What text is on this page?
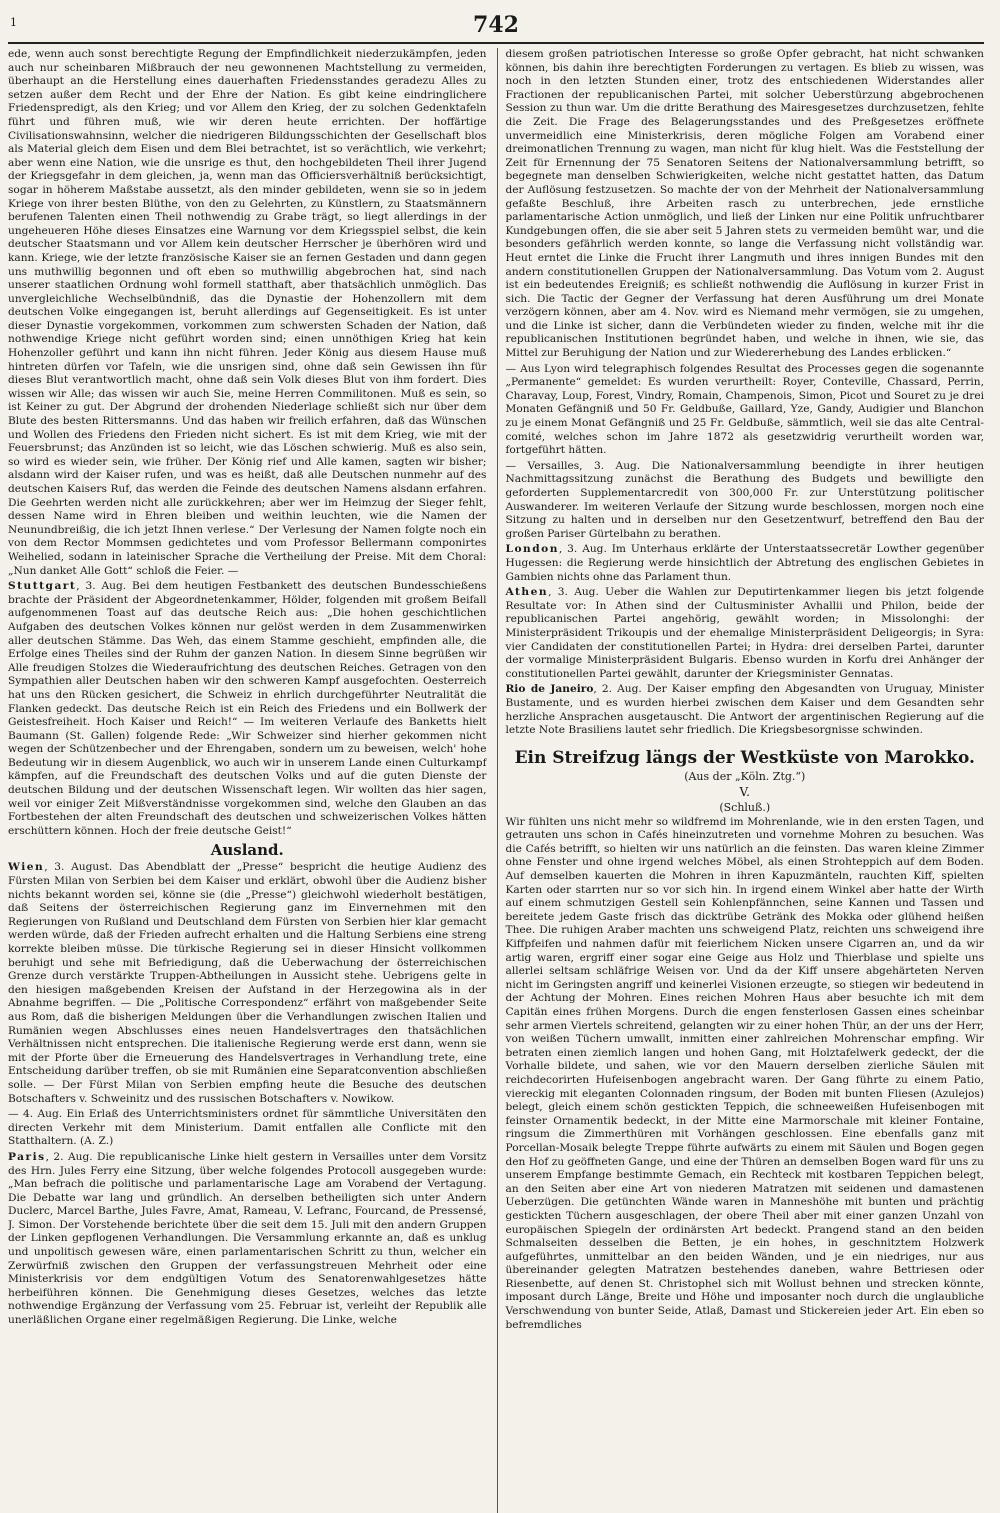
1	742

ede, wenn auch sonst berechtigte Regung der Empfindlichkeit niederzukämpfen, jeden auch nur scheinbaren Mißbrauch der neu gewonnenen Machtstellung zu vermeiden, überhaupt an die Herstellung eines dauerhaften Friedensstandes geradezu Alles zu setzen außer dem Recht und der Ehre der Nation. Es gibt keine eindringlichere Friedenspredigt, als den Krieg; und vor Allem den Krieg, der zu solchen Gedenktafeln führt und führen muß, wie wir deren heute errichten. Der hoffärtige Civilisationswahnsinn, welcher die niedrigeren Bildungsschichten der Gesellschaft blos als Material gleich dem Eisen und dem Blei betrachtet, ist so verächtlich, wie verkehrt; aber wenn eine Nation, wie die unsrige es thut, den hochgebildeten Theil ihrer Jugend der Kriegsgefahr in dem gleichen, ja, wenn man das Officiersverhältniß berücksichtigt, sogar in höherem Maßstabe aussetzt, als den minder gebildeten, wenn sie so in jedem Kriege von ihrer besten Blüthe, von den zu Gelehrten, zu Künstlern, zu Staatsmännern berufenen Talenten einen Theil nothwendig zu Grabe trägt, so liegt allerdings in der ungeheueren Höhe dieses Einsatzes eine Warnung vor dem Kriegsspiel selbst, die kein deutscher Staatsmann und vor Allem kein deutscher Herrscher je überhören wird und kann. Kriege, wie der letzte französische Kaiser sie an fernen Gestaden und dann gegen uns muthwillig begonnen und oft eben so muthwillig abgebrochen hat, sind nach unserer staatlichen Ordnung wohl formell statthaft, aber thatsächlich unmöglich. Das unvergleichliche Wechselbündniß, das die Dynastie der Hohenzollern mit dem deutschen Volke eingegangen ist, beruht allerdings auf Gegenseitigkeit. Es ist unter dieser Dynastie vorgekommen, vorkommen zum schwersten Schaden der Nation, daß nothwendige Kriege nicht geführt worden sind; einen unnöthigen Krieg hat kein Hohenzoller geführt und kann ihn nicht führen. Jeder König aus diesem Hause muß hintreten dürfen vor Tafeln, wie die unsrigen sind, ohne daß sein Gewissen ihn für dieses Blut verantwortlich macht, ohne daß sein Volk dieses Blut von ihm fordert. Dies wissen wir Alle; das wissen wir auch Sie, meine Herren Commilitonen. Muß es sein, so ist Keiner zu gut. Der Abgrund der drohenden Niederlage schließt sich nur über dem Blute des besten Rittersmanns. Und das haben wir freilich erfahren, daß das Wünschen und Wollen des Friedens den Frieden nicht sichert. Es ist mit dem Krieg, wie mit der Feuersbrunst; das Anzünden ist so leicht, wie das Löschen schwierig. Muß es also sein, so wird es wieder sein, wie früher. Der König rief und Alle kamen, sagten wir bisher; alsdann wird der Kaiser rufen, und was es heißt, daß alle Deutschen nunmehr auf des deutschen Kaisers Ruf, das werden die Feinde des deutschen Namens alsdann erfahren. Die Geehrten werden nicht alle zurückkehren; aber wer im Heimzug der Sieger fehlt, dessen Name wird in Ehren bleiben und weithin leuchten, wie die Namen der Neunundbreißig, die ich jetzt Ihnen verlese.“ Der Verlesung der Namen folgte noch ein von dem Rector Mommsen gedichtetes und vom Professor Bellermann componirtes Weihelied, sodann in lateinischer Sprache die Vertheilung der Preise. Mit dem Choral: „Nun danket Alle Gott“ schloß die Feier. —

Stuttgart, 3. Aug. Bei dem heutigen Festbankett des deutschen Bundesschießens brachte der Präsident der Abgeordnetenkammer, Hölder, folgenden mit großem Beifall aufgenommenen Toast auf das deutsche Reich aus: „Die hohen geschichtlichen Aufgaben des deutschen Volkes können nur gelöst werden in dem Zusammenwirken aller deutschen Stämme. Das Weh, das einem Stamme geschieht, empfinden alle, die Erfolge eines Theiles sind der Ruhm der ganzen Nation. In diesem Sinne begrüßen wir Alle freudigen Stolzes die Wiederaufrichtung des deutschen Reiches. Getragen von den Sympathien aller Deutschen haben wir den schweren Kampf ausgefochten. Oesterreich hat uns den Rücken gesichert, die Schweiz in ehrlich durchgeführter Neutralität die Flanken gedeckt. Das deutsche Reich ist ein Reich des Friedens und ein Bollwerk der Geistesfreiheit. Hoch Kaiser und Reich!“ — Im weiteren Verlaufe des Banketts hielt Baumann (St. Gallen) folgende Rede: „Wir Schweizer sind hierher gekommen nicht wegen der Schützenbecher und der Ehrengaben, sondern um zu beweisen, welch' hohe Bedeutung wir in diesem Augenblick, wo auch wir in unserem Lande einen Culturkampf kämpfen, auf die Freundschaft des deutschen Volks und auf die guten Dienste der deutschen Bildung und der deutschen Wissenschaft legen. Wir wollten das hier sagen, weil vor einiger Zeit Mißverständnisse vorgekommen sind, welche den Glauben an das Fortbestehen der alten Freundschaft des deutschen und schweizerischen Volkes hätten erschüttern können. Hoch der freie deutsche Geist!“

Ausland.

Wien, 3. August. Das Abendblatt der „Presse“ bespricht die heutige Audienz des Fürsten Milan von Serbien bei dem Kaiser und erklärt, obwohl über die Audienz bisher nichts bekannt worden sei, könne sie (die „Presse“) gleichwohl wiederholt bestätigen, daß Seitens der österreichischen Regierung ganz im Einvernehmen mit den Regierungen von Rußland und Deutschland dem Fürsten von Serbien hier klar gemacht werden würde, daß der Frieden aufrecht erhalten und die Haltung Serbiens eine streng korrekte bleiben müsse. Die türkische Regierung sei in dieser Hinsicht vollkommen beruhigt und sehe mit Befriedigung, daß die Ueberwachung der österreichischen Grenze durch verstärkte Truppen-Abtheilungen in Aussicht stehe. Uebrigens gelte in den hiesigen maßgebenden Kreisen der Aufstand in der Herzegowina als in der Abnahme begriffen. — Die „Politische Correspondenz“ erfährt von maßgebender Seite aus Rom, daß die bisherigen Meldungen über die Verhandlungen zwischen Italien und Rumänien wegen Abschlusses eines neuen Handelsvertrages den thatsächlichen Verhältnissen nicht entsprechen. Die italienische Regierung werde erst dann, wenn sie mit der Pforte über die Erneuerung des Handelsvertrages in Verhandlung trete, eine Entscheidung darüber treffen, ob sie mit Rumänien eine Separatconvention abschließen solle. — Der Fürst Milan von Serbien empfing heute die Besuche des deutschen Botschafters v. Schweinitz und des russischen Botschafters v. Nowikow.

— 4. Aug. Ein Erlaß des Unterrichtsministers ordnet für sämmtliche Universitäten den directen Verkehr mit dem Ministerium. Damit entfallen alle Conflicte mit den Statthaltern. (A. Z.)

Paris, 2. Aug. Die republicanische Linke hielt gestern in Versailles unter dem Vorsitz des Hrn. Jules Ferry eine Sitzung, über welche folgendes Protocoll ausgegeben wurde: „Man befrach die politische und parlamentarische Lage am Vorabend der Vertagung. Die Debatte war lang und gründlich. An derselben betheiligten sich unter Andern Duclerc, Marcel Barthe, Jules Favre, Amat, Rameau, V. Lefranc, Fourcand, de Pressensé, J. Simon. Der Vorstehende berichtete über die seit dem 15. Juli mit den andern Gruppen der Linken gepflogenen Verhandlungen. Die Versammlung erkannte an, daß es unklug und unpolitisch gewesen wäre, einen parlamentarischen Schritt zu thun, welcher ein Zerwürfniß zwischen den Gruppen der verfassungstreuen Mehrheit oder eine Ministerkrisis vor dem endgültigen Votum des Senatorenwahlgesetzes hätte herbeiführen können. Die Genehmigung dieses Gesetzes, welches das letzte nothwendige Ergänzung der Verfassung vom 25. Februar ist, verleiht der Republik alle unerläßlichen Organe einer regelmäßigen Regierung. Die Linke, welche

diesem großen patriotischen Interesse so große Opfer gebracht, hat nicht schwanken können, bis dahin ihre berechtigten Forderungen zu vertagen. Es blieb zu wissen, was noch in den letzten Stunden einer, trotz des entschiedenen Widerstandes aller Fractionen der republicanischen Partei, mit solcher Ueberstürzung abgebrochenen Session zu thun war. Um die dritte Berathung des Mairesgesetzes durchzusetzen, fehlte die Zeit. Die Frage des Belagerungsstandes und des Preßgesetzes eröffnete unvermeidlich eine Ministerkrisis, deren mögliche Folgen am Vorabend einer dreimonatlichen Trennung zu wagen, man nicht für klug hielt. Was die Feststellung der Zeit für Ernennung der 75 Senatoren Seitens der Nationalversammlung betrifft, so begegnete man denselben Schwierigkeiten, welche nicht gestattet hatten, das Datum der Auflösung festzusetzen. So machte der von der Mehrheit der Nationalversammlung gefaßte Beschluß, ihre Arbeiten rasch zu unterbrechen, jede ernstliche parlamentarische Action unmöglich, und ließ der Linken nur eine Politik unfruchtbarer Kundgebungen offen, die sie aber seit 5 Jahren stets zu vermeiden bemüht war, und die besonders gefährlich werden konnte, so lange die Verfassung nicht vollständig war. Heut erntet die Linke die Frucht ihrer Langmuth und ihres innigen Bundes mit den andern constitutionellen Gruppen der Nationalversammlung. Das Votum vom 2. August ist ein bedeutendes Ereigniß; es schließt nothwendig die Auflösung in kurzer Frist in sich. Die Tactic der Gegner der Verfassung hat deren Ausführung um drei Monate verzögern können, aber am 4. Nov. wird es Niemand mehr vermögen, sie zu umgehen, und die Linke ist sicher, dann die Verbündeten wieder zu finden, welche mit ihr die republicanischen Institutionen begründet haben, und welche in ihnen, wie sie, das Mittel zur Beruhigung der Nation und zur Wiedererhebung des Landes erblicken.“

— Aus Lyon wird telegraphisch folgendes Resultat des Processes gegen die sogenannte „Permanente“ gemeldet: Es wurden verurtheilt: Royer, Conteville, Chassard, Perrin, Charavay, Loup, Forest, Vindry, Romain, Champenois, Simon, Picot und Souret zu je drei Monaten Gefängniß und 50 Fr. Geldbuße, Gaillard, Yze, Gandy, Audigier und Blanchon zu je einem Monat Gefängniß und 25 Fr. Geldbuße, sämmtlich, weil sie das alte Central-comité, welches schon im Jahre 1872 als gesetzwidrig verurtheilt worden war, fortgeführt hätten.

— Versailles, 3. Aug. Die Nationalversammlung beendigte in ihrer heutigen Nachmittagssitzung zunächst die Berathung des Budgets und bewilligte den geforderten Supplementarcredit von 300,000 Fr. zur Unterstützung politischer Auswanderer. Im weiteren Verlaufe der Sitzung wurde beschlossen, morgen noch eine Sitzung zu halten und in derselben nur den Gesetzentwurf, betreffend den Bau der großen Pariser Gürtelbahn zu berathen.

London, 3. Aug. Im Unterhaus erklärte der Unterstaatssecretär Lowther gegenüber Hugessen: die Regierung werde hinsichtlich der Abtretung des englischen Gebietes in Gambien nichts ohne das Parlament thun.

Athen, 3. Aug. Ueber die Wahlen zur Deputirtenkammer liegen bis jetzt folgende Resultate vor: In Athen sind der Cultusminister Avhallii und Philon, beide der republicanischen Partei angehörig, gewählt worden; in Missolonghi: der Ministerpräsident Trikoupis und der ehemalige Ministerpräsident Deligeorgis; in Syra: vier Candidaten der constitutionellen Partei; in Hydra: drei derselben Partei, darunter der vormalige Ministerpräsident Bulgaris. Ebenso wurden in Korfu drei Anhänger der constitutionellen Partei gewählt, darunter der Kriegsminister Gennatas.

Rio de Janeiro, 2. Aug. Der Kaiser empfing den Abgesandten von Uruguay, Minister Bustamente, und es wurden hierbei zwischen dem Kaiser und dem Gesandten sehr herzliche Ansprachen ausgetauscht. Die Antwort der argentinischen Regierung auf die letzte Note Brasiliens lautet sehr friedlich. Die Kriegsbesorgnisse schwinden.

Ein Streifzug längs der Westküste von Marokko.
(Aus der „Köln. Ztg.“)
V.
(Schluß.)

Wir fühlten uns nicht mehr so wildfremd im Mohrenlande, wie in den ersten Tagen, und getrauten uns schon in Cafés hineinzutreten und vornehme Mohren zu besuchen. Was die Cafés betrifft, so hielten wir uns natürlich an die feinsten. Das waren kleine Zimmer ohne Fenster und ohne irgend welches Möbel, als einen Strohteppich auf dem Boden. Auf demselben kauerten die Mohren in ihren Kapuzmänteln, rauchten Kiff, spielten Karten oder starrten nur so vor sich hin. In irgend einem Winkel aber hatte der Wirth auf einem schmutzigen Gestell sein Kohlenpfännchen, seine Kannen und Tassen und bereitete jedem Gaste frisch das dicktrübe Getränk des Mokka oder glühend heißen Thee. Die ruhigen Araber machten uns schweigend Platz, reichten uns schweigend ihre Kiffpfeifen und nahmen dafür mit feierlichem Nicken unsere Cigarren an, und da wir artig waren, ergriff einer sogar eine Geige aus Holz und Thierblase und spielte uns allerlei seltsam schläfrige Weisen vor. Und da der Kiff unsere abgehärteten Nerven nicht im Geringsten angriff und keinerlei Visionen erzeugte, so stiegen wir bedeutend in der Achtung der Mohren. Eines reichen Mohren Haus aber besuchte ich mit dem Capitän eines frühen Morgens. Durch die engen fensterlosen Gassen eines scheinbar sehr armen Viertels schreitend, gelangten wir zu einer hohen Thür, an der uns der Herr, von weißen Tüchern umwallt, inmitten einer zahlreichen Mohrenschar empfing. Wir betraten einen ziemlich langen und hohen Gang, mit Holztafelwerk gedeckt, der die Vorhalle bildete, und sahen, wie vor den Mauern derselben zierliche Säulen mit reichdecorirten Hufeisenbogen angebracht waren. Der Gang führte zu einem Patio, viereckig mit eleganten Colonnaden ringsum, der Boden mit bunten Fliesen (Azulejos) belegt, gleich einem schön gestickten Teppich, die schneeweißen Hufeisenbogen mit feinster Ornamentik bedeckt, in der Mitte eine Marmorschale mit kleiner Fontaine, ringsum die Zimmerthüren mit Vorhängen geschlossen. Eine ebenfalls ganz mit Porcellan-Mosaik belegte Treppe führte aufwärts zu einem mit Säulen und Bogen gegen den Hof zu geöffneten Gange, und eine der Thüren an demselben Bogen ward für uns zu unserem Empfange bestimmte Gemach, ein Rechteck mit kostbaren Teppichen belegt, an den Seiten aber eine Art von niederen Matratzen mit seidenen und damastenen Ueberzügen. Die getünchten Wände waren in Manneshöhe mit bunten und prächtig gestickten Tüchern ausgeschlagen, der obere Theil aber mit einer ganzen Unzahl von europäischen Spiegeln der ordinärsten Art bedeckt. Prangend stand an den beiden Schmalseiten desselben die Betten, je ein hohes, in geschnitztem Holzwerk aufgeführtes, unmittelbar an den beiden Wänden, und je ein niedriges, nur aus übereinander gelegten Matratzen bestehendes daneben, wahre Bettriesen oder Riesenbette, auf denen St. Christophel sich mit Wollust behnen und strecken könnte, imposant durch Länge, Breite und Höhe und imposanter noch durch die unglaubliche Verschwendung von bunter Seide, Atlaß, Damast und Stickereien jeder Art. Ein eben so befremdliches
